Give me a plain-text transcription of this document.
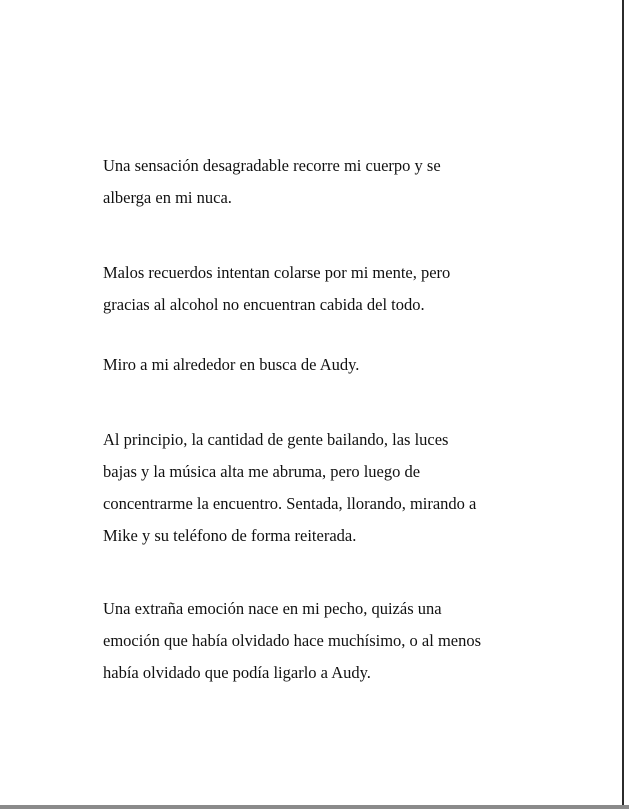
Una sensación desagradable recorre mi cuerpo y se
alberga en mi nuca.

Malos recuerdos intentan colarse por mi mente, pero
gracias al alcohol no encuentran cabida del todo.

Miro a mi alrededor en busca de Audy.

Al principio, la cantidad de gente bailando, las luces
bajas y la música alta me abruma, pero luego de
concentrarme la encuentro. Sentada, llorando, mirando a
Mike y su teléfono de forma reiterada.

Una extraña emoción nace en mi pecho, quizás una
emoción que había olvidado hace muchísimo, o al menos
había olvidado que podía ligarlo a Audy.
